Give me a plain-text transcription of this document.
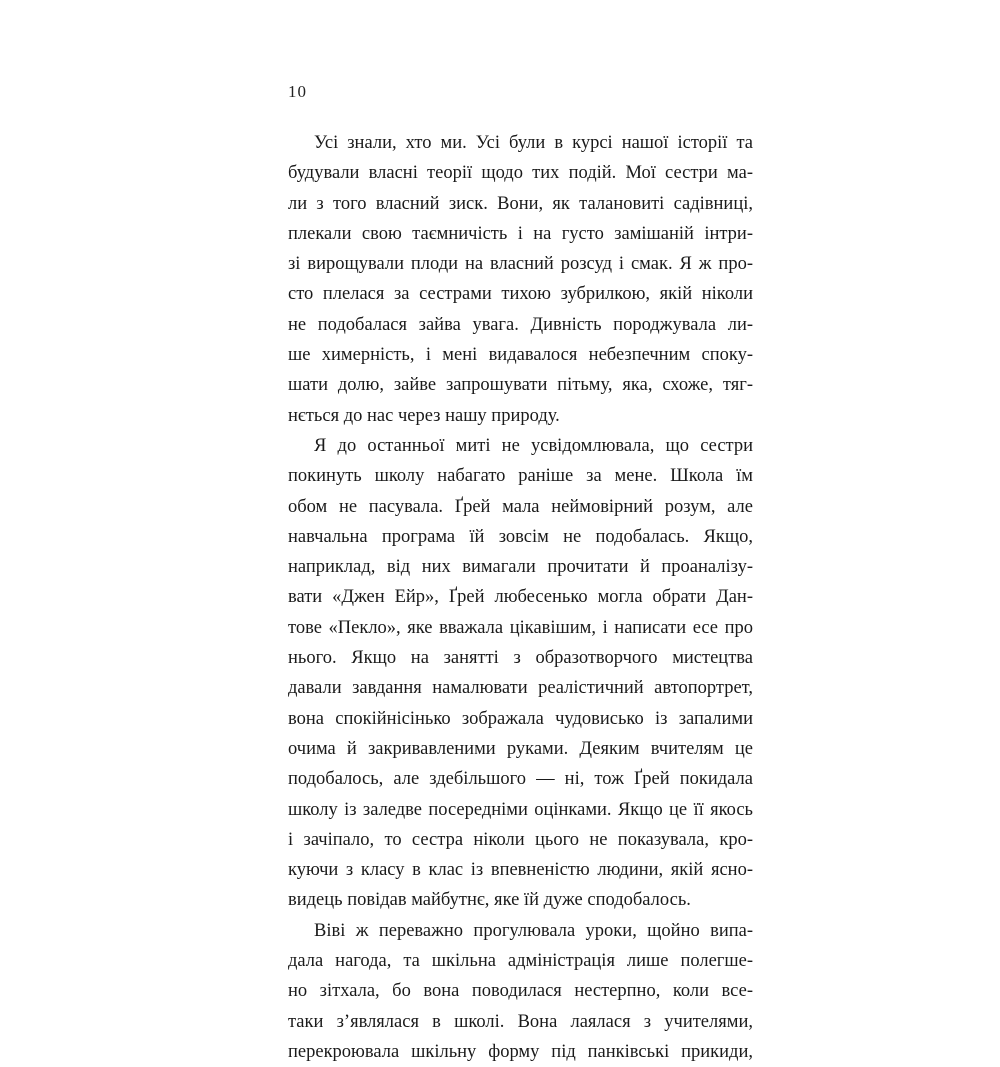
10
Усі знали, хто ми. Усі були в курсі нашої історії та
будували власні теорії щодо тих подій. Мої сестри ма-
ли з того власний зиск. Вони, як талановиті садівниці,
плекали свою таємничість і на густо замішаній інтри-
зі вирощували плоди на власний розсуд і смак. Я ж про-
сто плелася за сестрами тихою зубрилкою, якій ніколи
не подобалася зайва увага. Дивність породжувала ли-
ше химерність, і мені видавалося небезпечним споку-
шати долю, зайве запрошувати пітьму, яка, схоже, тяг-
нється до нас через нашу природу.
Я до останньої миті не усвідомлювала, що сестри
покинуть школу набагато раніше за мене. Школа їм
обом не пасувала. Ґрей мала неймовірний розум, але
навчальна програма їй зовсім не подобалась. Якщо,
наприклад, від них вимагали прочитати й проаналізу-
вати «Джен Ейр», Ґрей любесенько могла обрати Дан-
тове «Пекло», яке вважала цікавішим, і написати есе про
нього. Якщо на занятті з образотворчого мистецтва
давали завдання намалювати реалістичний автопортрет,
вона спокійнісінько зображала чудовисько із запалими
очима й закривавленими руками. Деяким вчителям це
подобалось, але здебільшого — ні, тож Ґрей покидала
школу із заледве посередніми оцінками. Якщо це її якось
і зачіпало, то сестра ніколи цього не показувала, кро-
куючи з класу в клас із впевненістю людини, якій ясно-
видець повідав майбутнє, яке їй дуже сподобалось.
Віві ж переважно прогулювала уроки, щойно випа-
дала нагода, та шкільна адміністрація лише полегше-
но зітхала, бо вона поводилася нестерпно, коли все-
таки з’являлася в школі. Вона лаялася з учителями,
перекроювала шкільну форму під панківські прикиди,
